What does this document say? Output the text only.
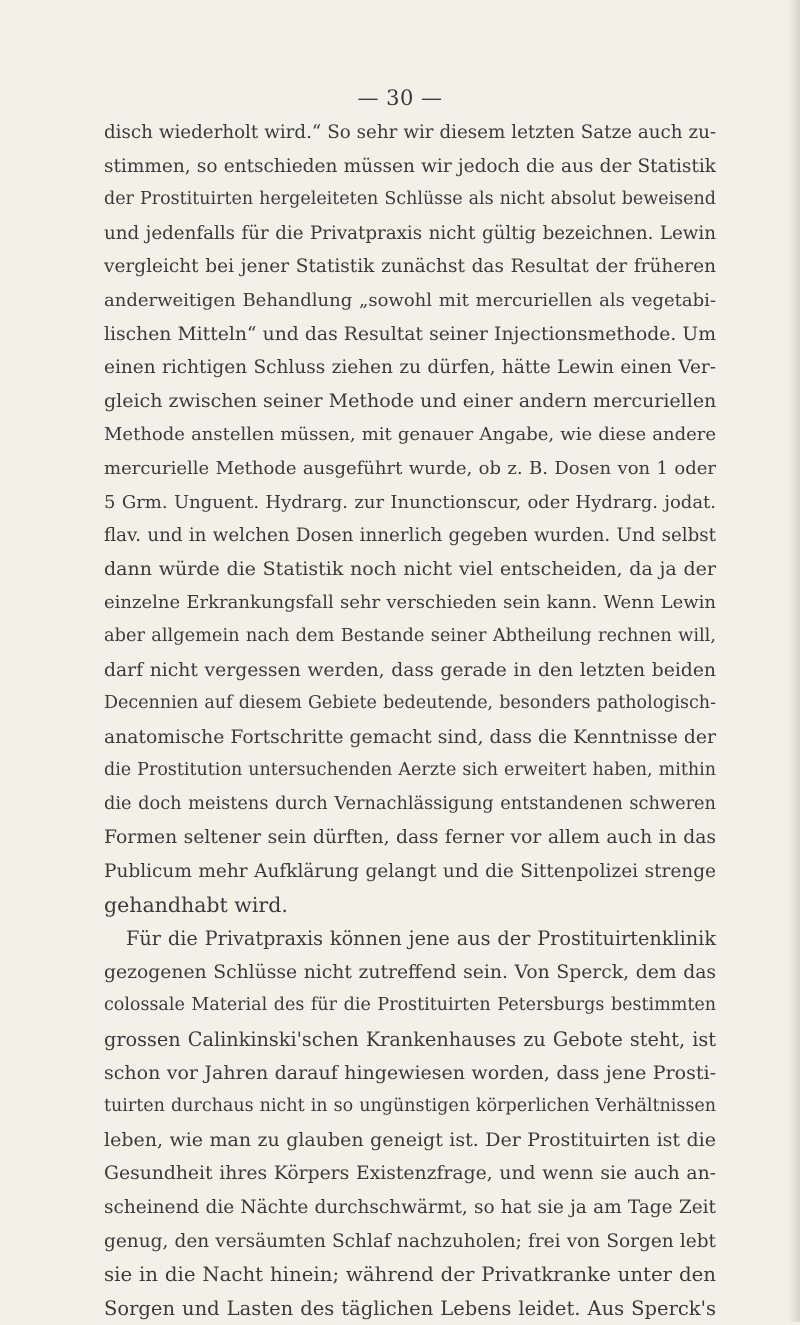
— 30 —
disch wiederholt wird.“ So sehr wir diesem letzten Satze auch zu-
stimmen, so entschieden müssen wir jedoch die aus der Statistik
der Prostituirten hergeleiteten Schlüsse als nicht absolut beweisend
und jedenfalls für die Privatpraxis nicht gültig bezeichnen. Lewin
vergleicht bei jener Statistik zunächst das Resultat der früheren
anderweitigen Behandlung „sowohl mit mercuriellen als vegetabi-
lischen Mitteln“ und das Resultat seiner Injectionsmethode. Um
einen richtigen Schluss ziehen zu dürfen, hätte Lewin einen Ver-
gleich zwischen seiner Methode und einer andern mercuriellen
Methode anstellen müssen, mit genauer Angabe, wie diese andere
mercurielle Methode ausgeführt wurde, ob z. B. Dosen von 1 oder
5 Grm. Unguent. Hydrarg. zur Inunctionscur, oder Hydrarg. jodat.
flav. und in welchen Dosen innerlich gegeben wurden. Und selbst
dann würde die Statistik noch nicht viel entscheiden, da ja der
einzelne Erkrankungsfall sehr verschieden sein kann. Wenn Lewin
aber allgemein nach dem Bestande seiner Abtheilung rechnen will,
darf nicht vergessen werden, dass gerade in den letzten beiden
Decennien auf diesem Gebiete bedeutende, besonders pathologisch-
anatomische Fortschritte gemacht sind, dass die Kenntnisse der
die Prostitution untersuchenden Aerzte sich erweitert haben, mithin
die doch meistens durch Vernachlässigung entstandenen schweren
Formen seltener sein dürften, dass ferner vor allem auch in das
Publicum mehr Aufklärung gelangt und die Sittenpolizei strenge
gehandhabt wird.
Für die Privatpraxis können jene aus der Prostituirtenklinik
gezogenen Schlüsse nicht zutreffend sein. Von Sperck, dem das
colossale Material des für die Prostituirten Petersburgs bestimmten
grossen Calinkinski'schen Krankenhauses zu Gebote steht, ist
schon vor Jahren darauf hingewiesen worden, dass jene Prosti-
tuirten durchaus nicht in so ungünstigen körperlichen Verhältnissen
leben, wie man zu glauben geneigt ist. Der Prostituirten ist die
Gesundheit ihres Körpers Existenzfrage, und wenn sie auch an-
scheinend die Nächte durchschwärmt, so hat sie ja am Tage Zeit
genug, den versäumten Schlaf nachzuholen; frei von Sorgen lebt
sie in die Nacht hinein; während der Privatkranke unter den
Sorgen und Lasten des täglichen Lebens leidet. Aus Sperck's
